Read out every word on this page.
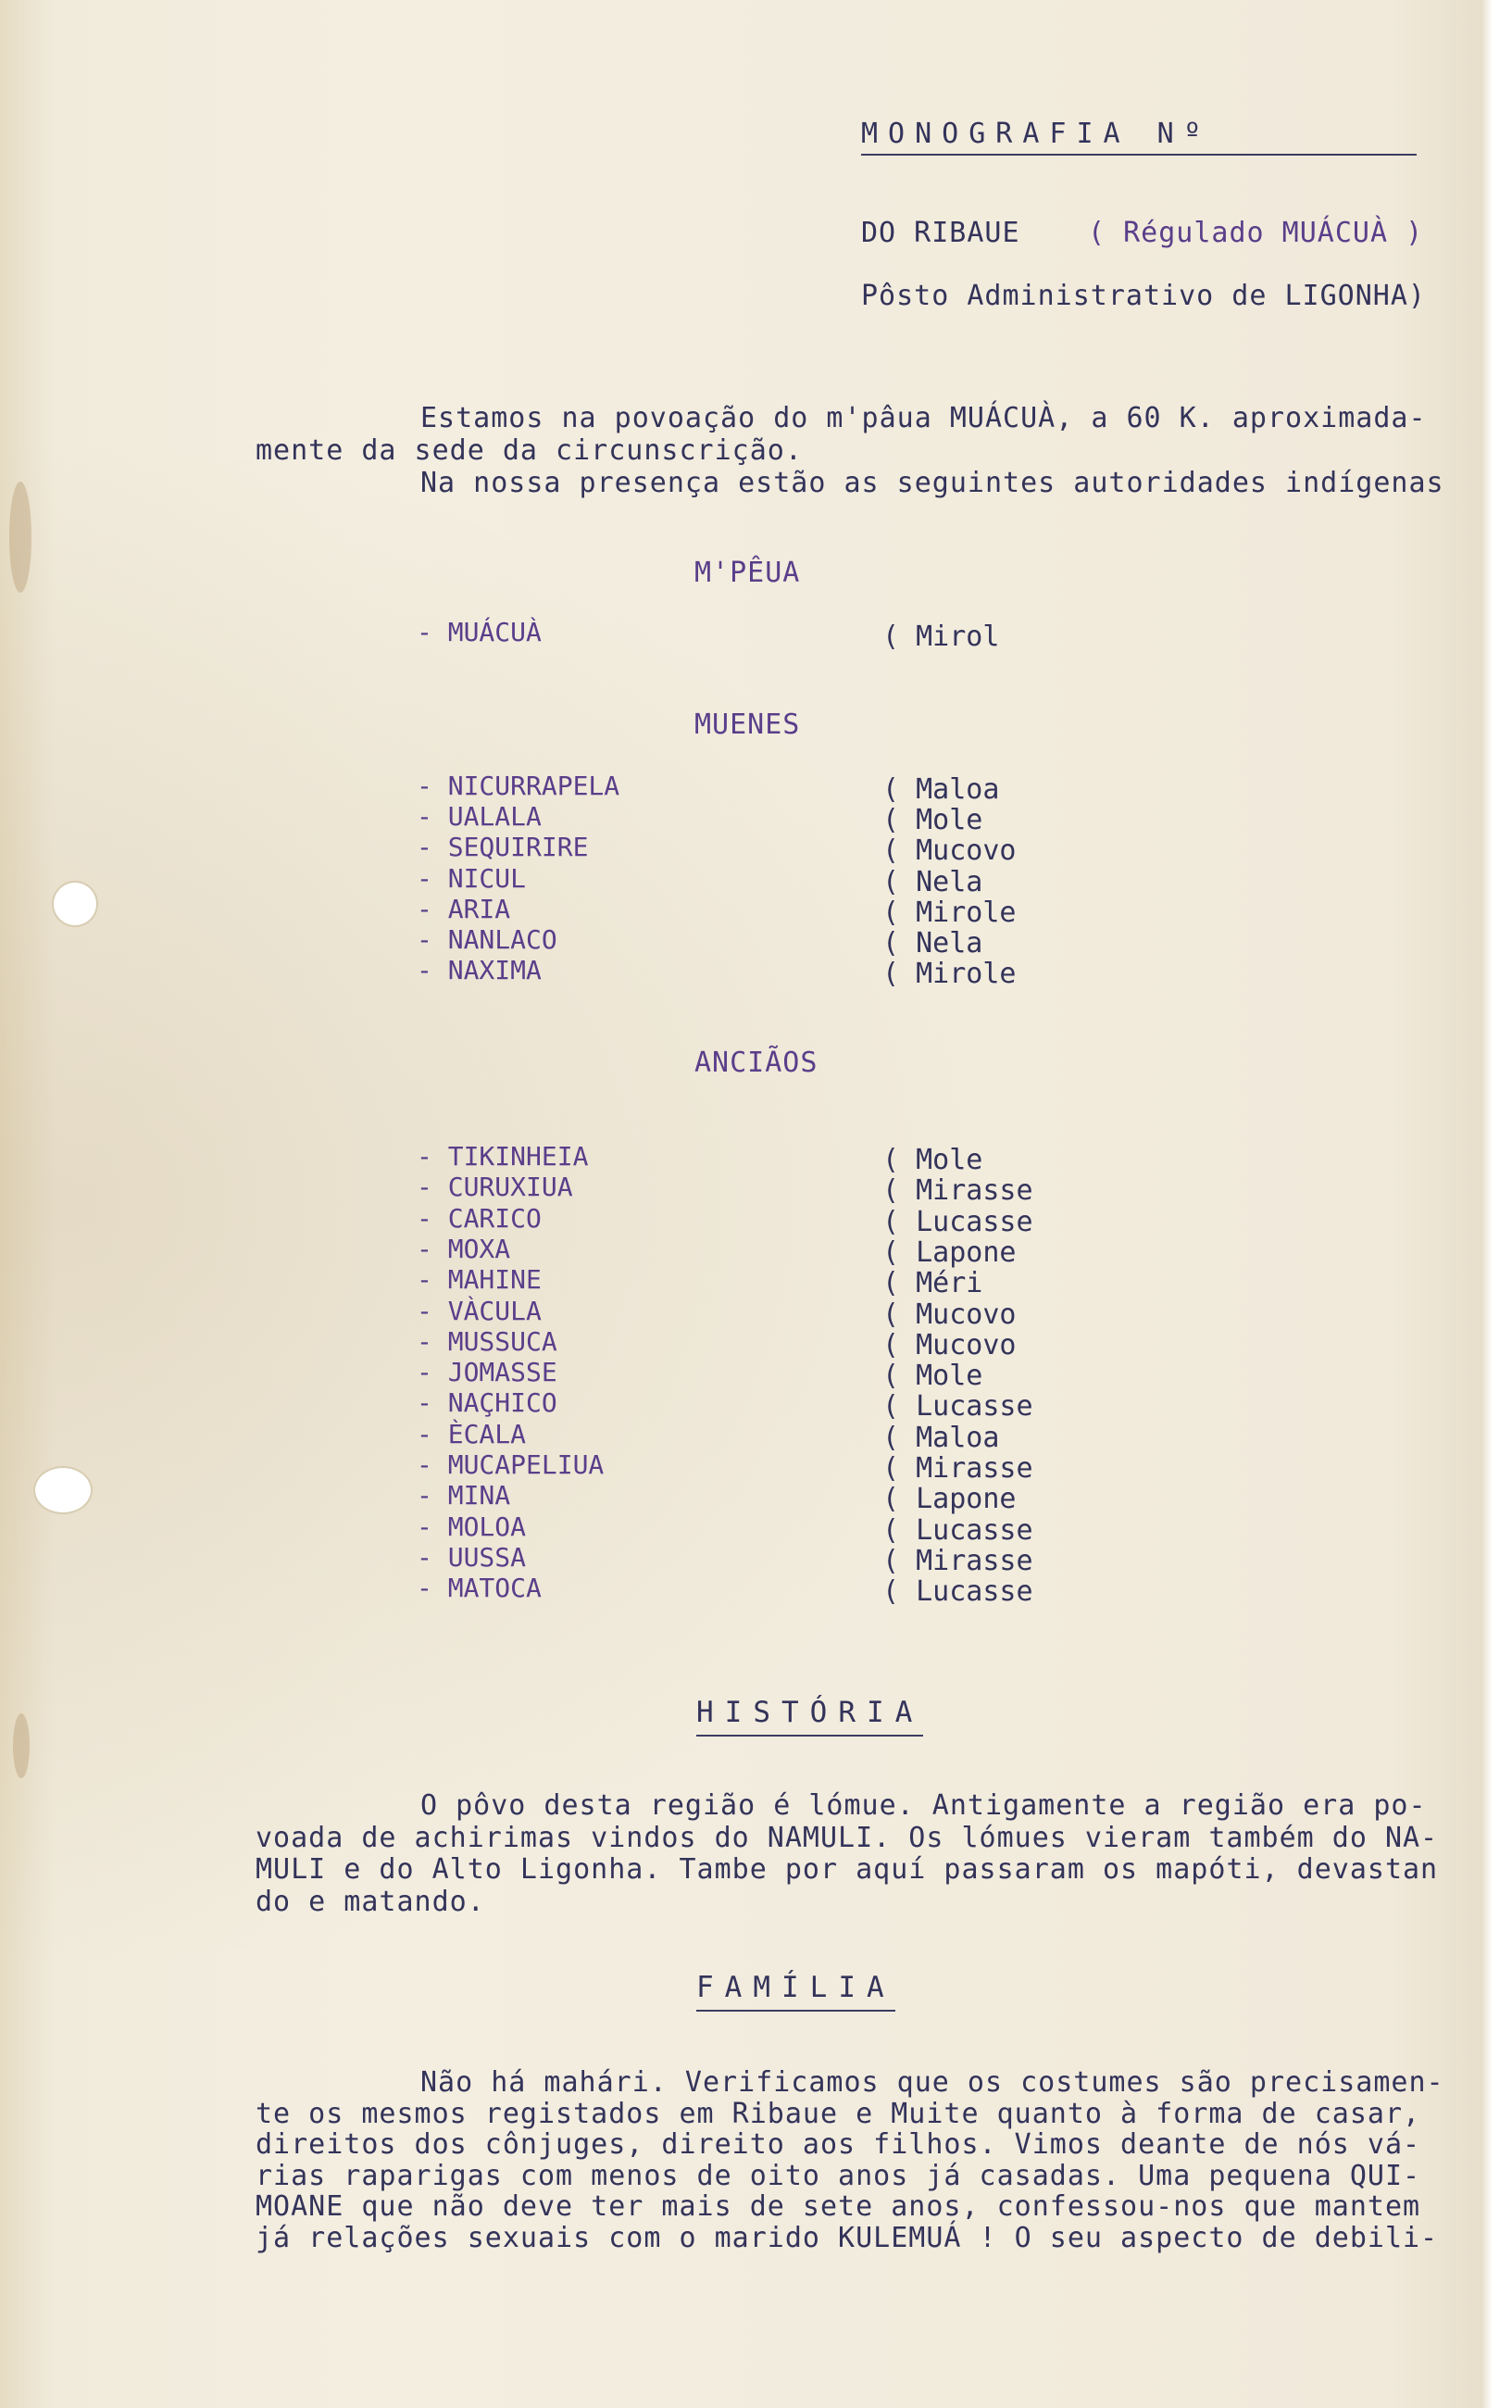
MONOGRAFIA Nº
DO RIBAUE ( Régulado MUÁCUÀ )
Pôsto Administrativo de LIGONHA)
Estamos na povoação do m'pâua MUÁCUÀ, a 60 K. aproximada-
mente da sede da circunscrição.
Na nossa presença estão as seguintes autoridades indígenas
M'PÊUA
- MUÁCUÀ	( Mirol
MUENES
- NICURRAPELA	( Maloa
- UALALA	( Mole
- SEQUIRIRE	( Mucovo
- NICUL	( Nela
- ARIA	( Mirole
- NANLACO	( Nela
- NAXIMA	( Mirole
ANCIÃOS
- TIKINHEIA	( Mole
- CURUXIUA	( Mirasse
- CARICO	( Lucasse
- MOXA	( Lapone
- MAHINE	( Méri
- VÀCULA	( Mucovo
- MUSSUCA	( Mucovo
- JOMASSE	( Mole
- NAÇHICO	( Lucasse
- ÈCALA	( Maloa
- MUCAPELIUA	( Mirasse
- MINA	( Lapone
- MOLOA	( Lucasse
- UUSSA	( Mirasse
- MATOCA	( Lucasse
HISTÓRIA
O pôvo desta região é lómue. Antigamente a região era po-
voada de achirimas vindos do NAMULI. Os lómues vieram também do NA-
MULI e do Alto Ligonha. Tambe por aquí passaram os mapóti, devastan
do e matando.
FAMÍLIA
Não há mahári. Verificamos que os costumes são precisamen-
te os mesmos registados em Ribaue e Muite quanto à forma de casar,
direitos dos cônjuges, direito aos filhos. Vimos deante de nós vá-
rias raparigas com menos de oito anos já casadas. Uma pequena QUI-
MOANE que não deve ter mais de sete anos, confessou-nos que mantem
já relações sexuais com o marido KULEMUÁ ! O seu aspecto de debili-
